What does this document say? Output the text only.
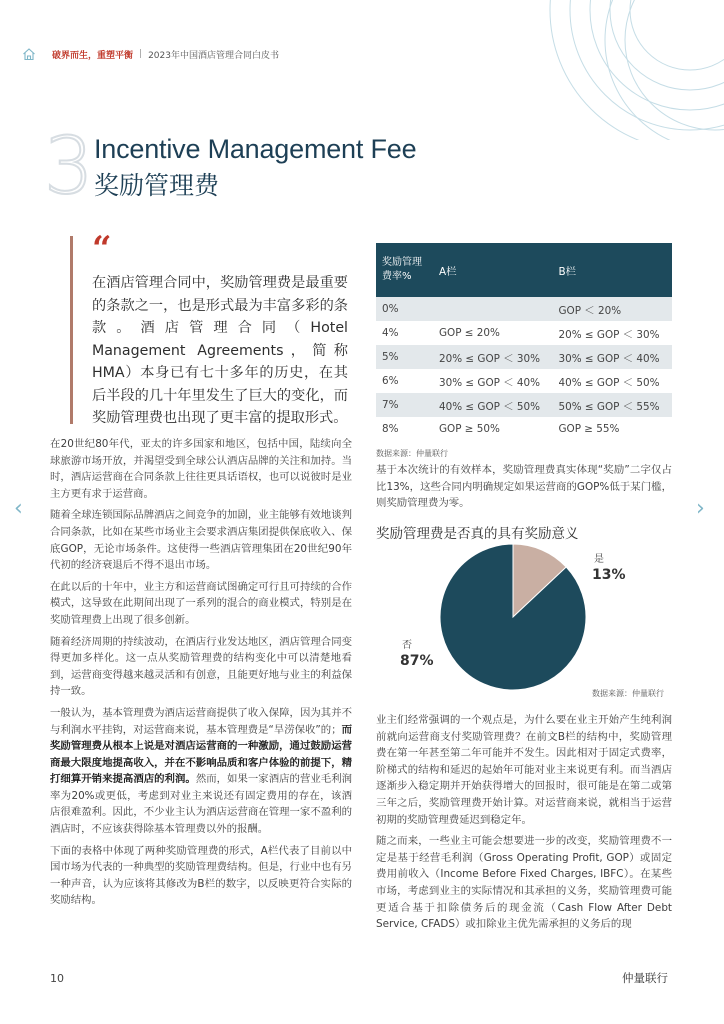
破界而生，重塑平衡 | 2023年中国酒店管理合同白皮书
3 Incentive Management Fee
奖励管理费
“
在酒店管理合同中，奖励管理费是最重要的条款之一，也是形式最为丰富多彩的条款。酒店管理合同（Hotel Management Agreements，简称HMA）本身已有七十多年的历史，在其后半段的几十年里发生了巨大的变化，而奖励管理费也出现了更丰富的提取形式。

在20世纪80年代，亚太的许多国家和地区，包括中国，陆续向全球旅游市场开放，并渴望受到全球公认酒店品牌的关注和加持。当时，酒店运营商在合同条款上往往更具话语权，也可以说彼时是业主方更有求于运营商。

随着全球连锁国际品牌酒店之间竞争的加剧，业主能够有效地谈判合同条款，比如在某些市场业主会要求酒店集团提供保底收入、保底GOP，无论市场条件。这使得一些酒店管理集团在20世纪90年代初的经济衰退后不得不退出市场。

在此以后的十年中，业主方和运营商试图确定可行且可持续的合作模式，这导致在此期间出现了一系列的混合的商业模式，特别是在奖励管理费上出现了很多创新。

随着经济周期的持续波动，在酒店行业发达地区，酒店管理合同变得更加多样化。这一点从奖励管理费的结构变化中可以清楚地看到，运营商变得越来越灵活和有创意，且能更好地与业主的利益保持一致。

一般认为，基本管理费为酒店运营商提供了收入保障，因为其并不与利润水平挂钩，对运营商来说，基本管理费是“旱涝保收”的；而奖励管理费从根本上说是对酒店运营商的一种激励，通过鼓励运营商最大限度地提高收入，并在不影响品质和客户体验的前提下，精打细算开销来提高酒店的利润。然而，如果一家酒店的营业毛利润率为20%或更低，考虑到对业主来说还有固定费用的存在，该酒店很难盈利。因此，不少业主认为酒店运营商在管理一家不盈利的酒店时，不应该获得除基本管理费以外的报酬。

下面的表格中体现了两种奖励管理费的形式，A栏代表了目前以中国市场为代表的一种典型的奖励管理费结构。但是，行业中也有另一种声音，认为应该将其修改为B栏的数字，以反映更符合实际的奖励结构。

奖励管理费率%	A栏	B栏
0%		GOP ＜ 20%
4%	GOP ≤ 20%	20% ≤ GOP ＜ 30%
5%	20% ≤ GOP ＜ 30%	30% ≤ GOP ＜ 40%
6%	30% ≤ GOP ＜ 40%	40% ≤ GOP ＜ 50%
7%	40% ≤ GOP ＜ 50%	50% ≤ GOP ＜ 55%
8%	GOP ≥ 50%	GOP ≥ 55%
数据来源：仲量联行
基于本次统计的有效样本，奖励管理费真实体现“奖励”二字仅占比13%，这些合同内明确规定如果运营商的GOP%低于某门槛，则奖励管理费为零。
奖励管理费是否真的具有奖励意义
是
13%
否
87%
数据来源：仲量联行

业主们经常强调的一个观点是，为什么要在业主开始产生纯利润前就向运营商支付奖励管理费？在前文B栏的结构中，奖励管理费在第一年甚至第二年可能并不发生。因此相对于固定式费率，阶梯式的结构和延迟的起始年可能对业主来说更有利。而当酒店逐渐步入稳定期并开始获得增大的回报时，很可能是在第二或第三年之后，奖励管理费开始计算。对运营商来说，就相当于运营初期的奖励管理费延迟到稳定年。

随之而来，一些业主可能会想要进一步的改变，奖励管理费不一定是基于经营毛利润（Gross Operating Profit, GOP）或固定费用前收入（Income Before Fixed Charges, IBFC）。在某些市场，考虑到业主的实际情况和其承担的义务，奖励管理费可能更适合基于扣除债务后的现金流（Cash Flow After Debt Service, CFADS）或扣除业主优先需承担的义务后的现

‹	›
10	仲量联行
